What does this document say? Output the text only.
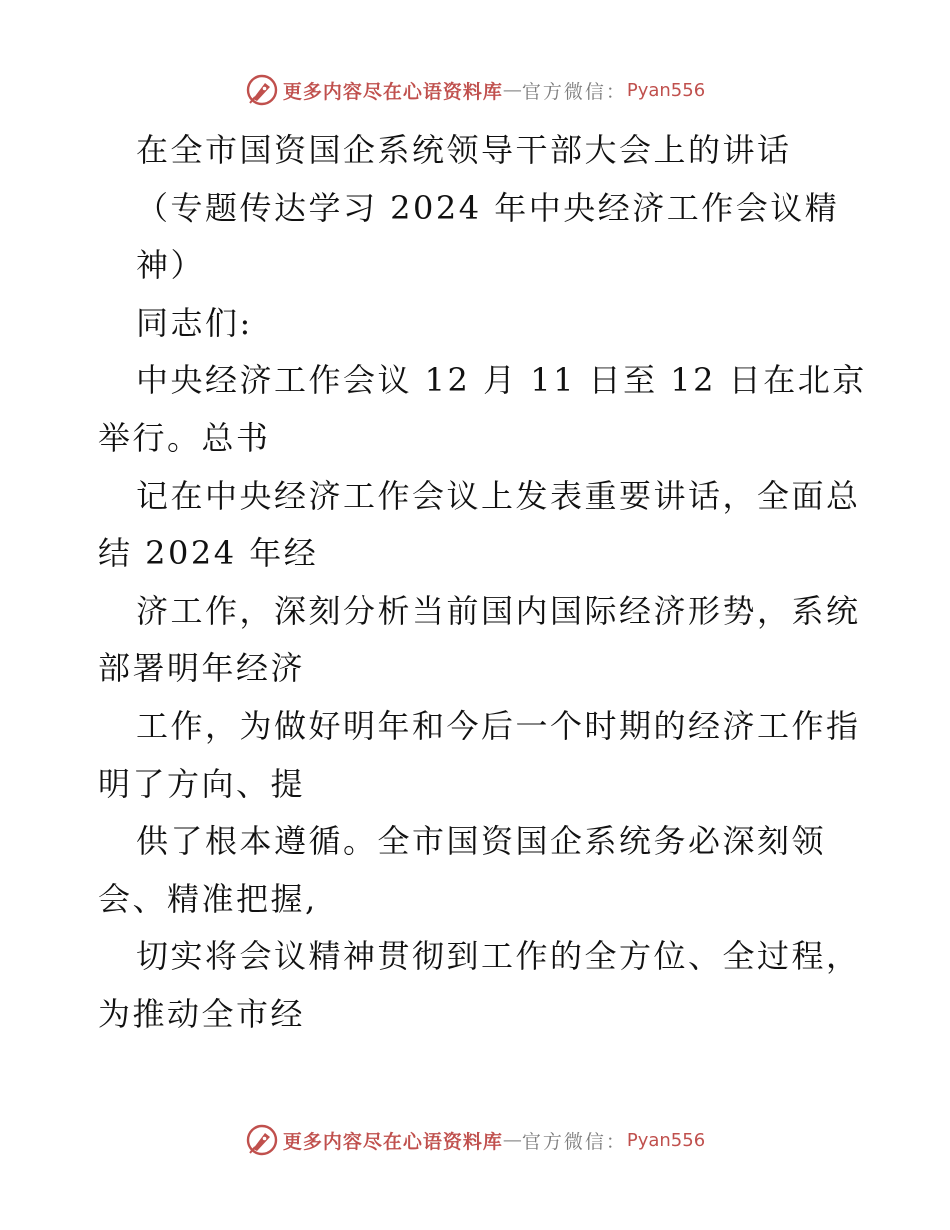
更多内容尽在心语资料库 — 官方微信： Pyan556

在全市国资国企系统领导干部大会上的讲话

（专题传达学习 2024 年中央经济工作会议精

神）

同志们:

中央经济工作会议 12 月 11 日至 12 日在北京

举行。总书

记在中央经济工作会议上发表重要讲话，全面总

结 2024 年经

济工作，深刻分析当前国内国际经济形势，系统

部署明年经济

工作，为做好明年和今后一个时期的经济工作指

明了方向、提

供了根本遵循。全市国资国企系统务必深刻领

会、精准把握,

切实将会议精神贯彻到工作的全方位、全过程，

为推动全市经

更多内容尽在心语资料库 — 官方微信： Pyan556
